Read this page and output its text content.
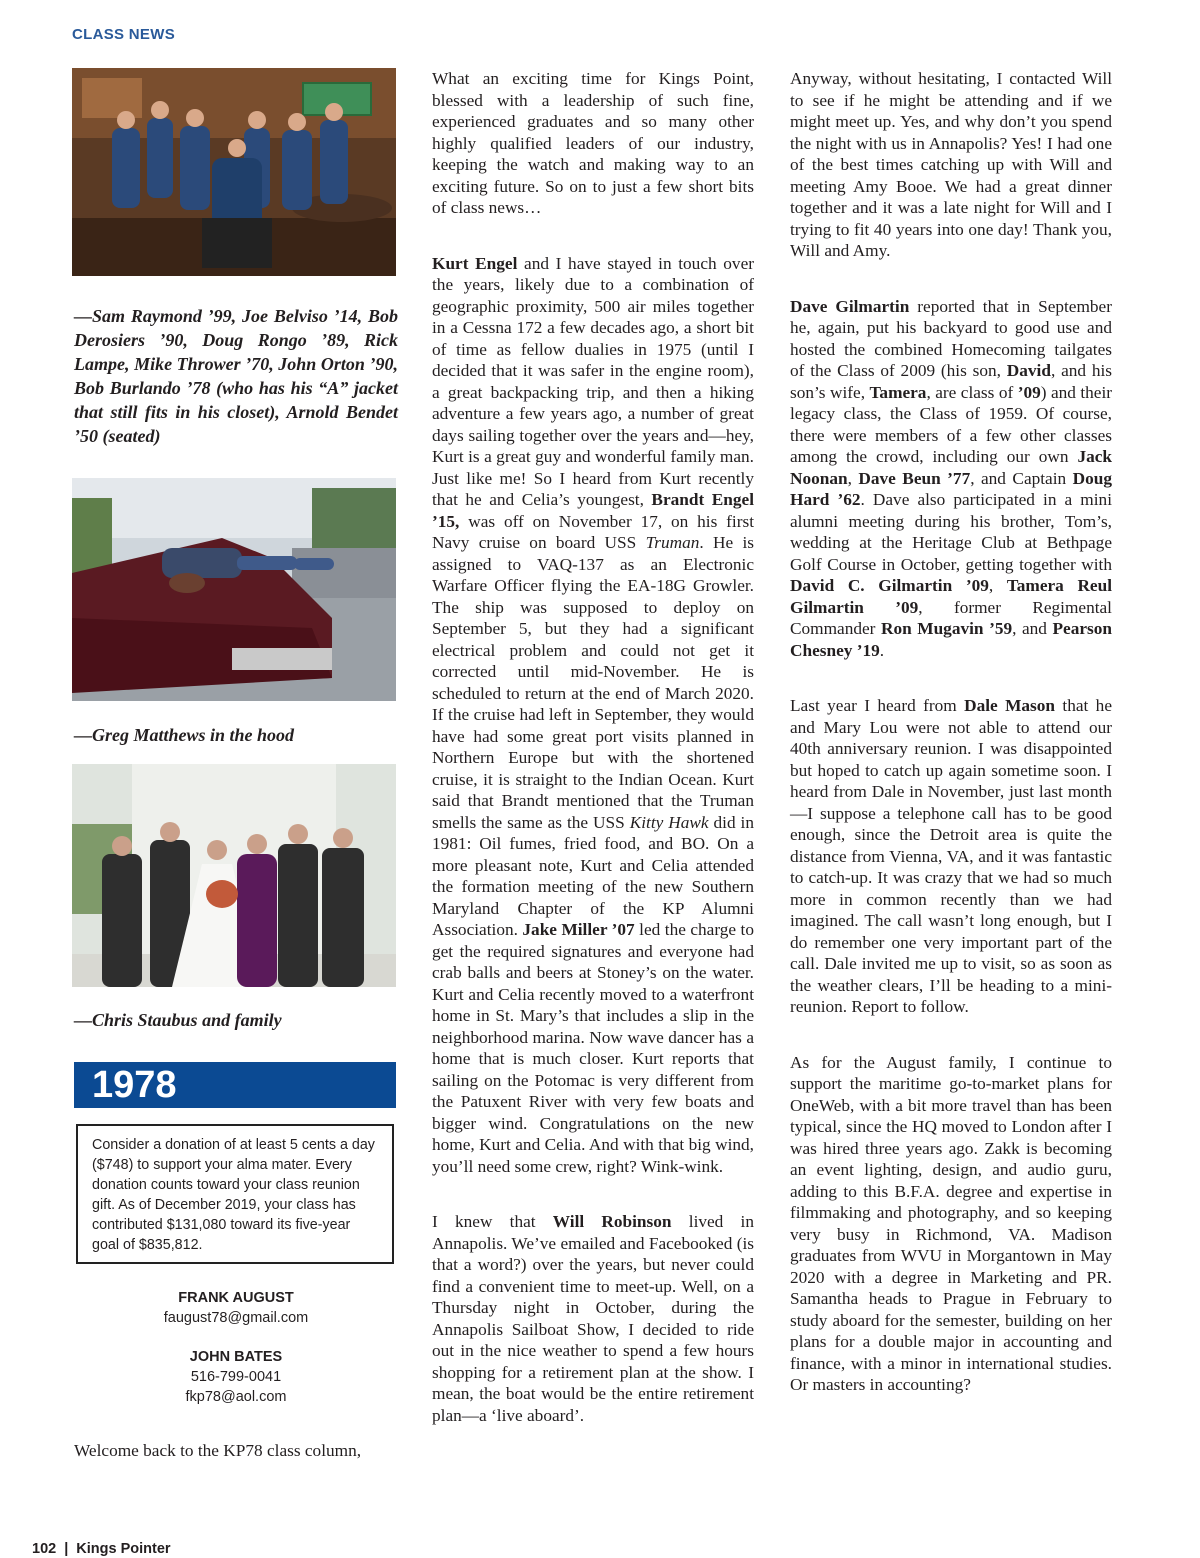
CLASS NEWS
—Sam Raymond ’99, Joe Belviso ’14, Bob Derosiers ’90, Doug Rongo ’89, Rick Lampe, Mike Thrower ’70, John Orton ’90, Bob Burlando ’78 (who has his “A” jacket that still fits in his closet), Arnold Bendet ’50 (seated)
—Greg Matthews in the hood
—Chris Staubus and family
1978
Consider a donation of at least 5 cents a day ($748) to support your alma mater. Every donation counts toward your class reunion gift. As of December 2019, your class has contributed $131,080 toward its five-year goal of $835,812.
FRANK AUGUST
faugust78@gmail.com
JOHN BATES
516-799-0041
fkp78@aol.com
Welcome back to the KP78 class column,

What an exciting time for Kings Point, blessed with a leadership of such fine, experienced graduates and so many other highly qualified leaders of our industry, keeping the watch and making way to an exciting future. So on to just a few short bits of class news…

Kurt Engel and I have stayed in touch over the years, likely due to a combination of geographic proximity, 500 air miles together in a Cessna 172 a few decades ago, a short bit of time as fellow dualies in 1975 (until I decided that it was safer in the engine room), a great backpacking trip, and then a hiking adventure a few years ago, a number of great days sailing together over the years and—hey, Kurt is a great guy and wonderful family man. Just like me! So I heard from Kurt recently that he and Celia’s youngest, Brandt Engel ’15, was off on November 17, on his first Navy cruise on board USS Truman. He is assigned to VAQ-137 as an Electronic Warfare Officer flying the EA-18G Growler. The ship was supposed to deploy on September 5, but they had a significant electrical problem and could not get it corrected until mid-November. He is scheduled to return at the end of March 2020. If the cruise had left in September, they would have had some great port visits planned in Northern Europe but with the shortened cruise, it is straight to the Indian Ocean. Kurt said that Brandt mentioned that the Truman smells the same as the USS Kitty Hawk did in 1981: Oil fumes, fried food, and BO. On a more pleasant note, Kurt and Celia attended the formation meeting of the new Southern Maryland Chapter of the KP Alumni Association. Jake Miller ’07 led the charge to get the required signatures and everyone had crab balls and beers at Stoney’s on the water. Kurt and Celia recently moved to a waterfront home in St. Mary’s that includes a slip in the neighborhood marina. Now wave dancer has a home that is much closer. Kurt reports that sailing on the Potomac is very different from the Patuxent River with very few boats and bigger wind. Congratulations on the new home, Kurt and Celia. And with that big wind, you’ll need some crew, right? Wink-wink.

I knew that Will Robinson lived in Annapolis. We’ve emailed and Facebooked (is that a word?) over the years, but never could find a convenient time to meet-up. Well, on a Thursday night in October, during the Annapolis Sailboat Show, I decided to ride out in the nice weather to spend a few hours shopping for a retirement plan at the show. I mean, the boat would be the entire retirement plan—a ‘live aboard’.

Anyway, without hesitating, I contacted Will to see if he might be attending and if we might meet up. Yes, and why don’t you spend the night with us in Annapolis? Yes! I had one of the best times catching up with Will and meeting Amy Booe. We had a great dinner together and it was a late night for Will and I trying to fit 40 years into one day! Thank you, Will and Amy.

Dave Gilmartin reported that in September he, again, put his backyard to good use and hosted the combined Homecoming tailgates of the Class of 2009 (his son, David, and his son’s wife, Tamera, are class of ’09) and their legacy class, the Class of 1959. Of course, there were members of a few other classes among the crowd, including our own Jack Noonan, Dave Beun ’77, and Captain Doug Hard ’62. Dave also participated in a mini alumni meeting during his brother, Tom’s, wedding at the Heritage Club at Bethpage Golf Course in October, getting together with David C. Gilmartin ’09, Tamera Reul Gilmartin ’09, former Regimental Commander Ron Mugavin ’59, and Pearson Chesney ’19.

Last year I heard from Dale Mason that he and Mary Lou were not able to attend our 40th anniversary reunion. I was disappointed but hoped to catch up again sometime soon. I heard from Dale in November, just last month—I suppose a telephone call has to be good enough, since the Detroit area is quite the distance from Vienna, VA, and it was fantastic to catch-up. It was crazy that we had so much more in common recently than we had imagined. The call wasn’t long enough, but I do remember one very important part of the call. Dale invited me up to visit, so as soon as the weather clears, I’ll be heading to a mini-reunion. Report to follow.

As for the August family, I continue to support the maritime go-to-market plans for OneWeb, with a bit more travel than has been typical, since the HQ moved to London after I was hired three years ago. Zakk is becoming an event lighting, design, and audio guru, adding to this B.F.A. degree and expertise in filmmaking and photography, and so keeping very busy in Richmond, VA. Madison graduates from WVU in Morgantown in May 2020 with a degree in Marketing and PR. Samantha heads to Prague in February to study aboard for the semester, building on her plans for a double major in accounting and finance, with a minor in international studies. Or masters in accounting?

102 | Kings Pointer
